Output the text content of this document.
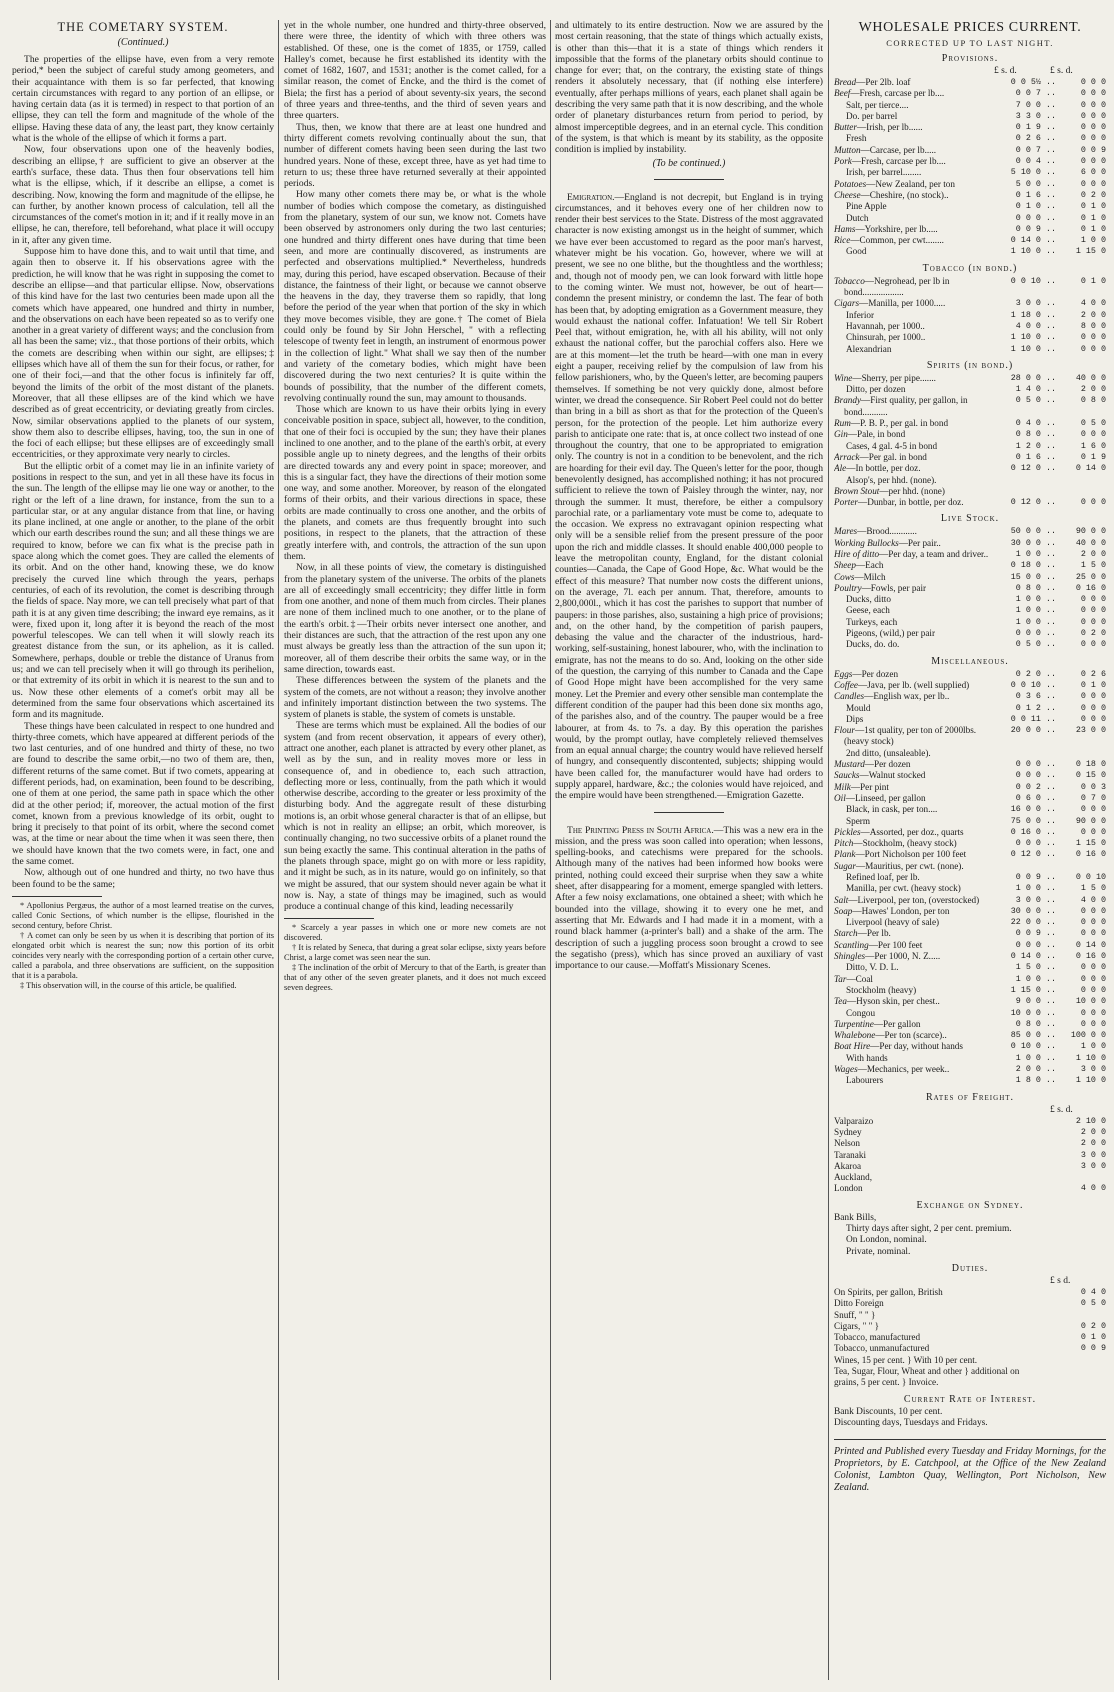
THE COMETARY SYSTEM.

(Continued.)

The properties of the ellipse have, even from a very remote period,* been the subject of careful study among geometers, and their acquaintance with them is so far perfected, that knowing certain circumstances with regard to any portion of an ellipse, or having certain data (as it is termed) in respect to that portion of an ellipse, they can tell the form and magnitude of the whole of the ellipse. Having these data of any, the least part, they know certainly what is the whole of the ellipse of which it forms a part.

Now, four observations upon one of the heavenly bodies, describing an ellipse,† are sufficient to give an observer at the earth's surface, these data. Thus then four observations tell him what is the ellipse, which, if it describe an ellipse, a comet is describing. Now, knowing the form and magnitude of the ellipse, he can further, by another known process of calculation, tell all the circumstances of the comet's motion in it; and if it really move in an ellipse, he can, therefore, tell beforehand, what place it will occupy in it, after any given time.

Suppose him to have done this, and to wait until that time, and again then to observe it. If his observations agree with the prediction, he will know that he was right in supposing the comet to describe an ellipse—and that particular ellipse. Now, observations of this kind have for the last two centuries been made upon all the comets which have appeared, one hundred and thirty in number, and the observations on each have been repeated so as to verify one another in a great variety of different ways; and the conclusion from all has been the same; viz., that those portions of their orbits, which the comets are describing when within our sight, are ellipses;‡ ellipses which have all of them the sun for their focus, or rather, for one of their foci,—and that the other focus is infinitely far off, beyond the limits of the orbit of the most distant of the planets. Moreover, that all these ellipses are of the kind which we have described as of great eccentricity, or deviating greatly from circles. Now, similar observations applied to the planets of our system, show them also to describe ellipses, having, too, the sun in one of the foci of each ellipse; but these ellipses are of exceedingly small eccentricities, or they approximate very nearly to circles.

But the elliptic orbit of a comet may lie in an infinite variety of positions in respect to the sun, and yet in all these have its focus in the sun. The length of the ellipse may lie one way or another, to the right or the left of a line drawn, for instance, from the sun to a particular star, or at any angular distance from that line, or having its plane inclined, at one angle or another, to the plane of the orbit which our earth describes round the sun; and all these things we are required to know, before we can fix what is the precise path in space along which the comet goes. They are called the elements of its orbit. And on the other hand, knowing these, we do know precisely the curved line which through the years, perhaps centuries, of each of its revolution, the comet is describing through the fields of space. Nay more, we can tell precisely what part of that path it is at any given time describing; the inward eye remains, as it were, fixed upon it, long after it is beyond the reach of the most powerful telescopes. We can tell when it will slowly reach its greatest distance from the sun, or its aphelion, as it is called. Somewhere, perhaps, double or treble the distance of Uranus from us; and we can tell precisely when it will go through its perihelion, or that extremity of its orbit in which it is nearest to the sun and to us. Now these other elements of a comet's orbit may all be determined from the same four observations which ascertained its form and its magnitude.

These things have been calculated in respect to one hundred and thirty-three comets, which have appeared at different periods of the two last centuries, and of one hundred and thirty of these, no two are found to describe the same orbit,—no two of them are, then, different returns of the same comet. But if two comets, appearing at different periods, had, on examination, been found to be describing, one of them at one period, the same path in space which the other did at the other period; if, moreover, the actual motion of the first comet, known from a previous knowledge of its orbit, ought to bring it precisely to that point of its orbit, where the second comet was, at the time or near about the time when it was seen there, then we should have known that the two comets were, in fact, one and the same comet.

Now, although out of one hundred and thirty, no two have thus been found to be the same;

* Apollonius Pergæus, the author of a most learned treatise on the curves, called Conic Sections, of which number is the ellipse, flourished in the second century, before Christ.

† A comet can only be seen by us when it is describing that portion of its elongated orbit which is nearest the sun; now this portion of its orbit coincides very nearly with the corresponding portion of a certain other curve, called a parabola, and three observations are sufficient, on the supposition that it is a parabola.

‡ This observation will, in the course of this article, be qualified.

yet in the whole number, one hundred and thirty-three observed, there were three, the identity of which with three others was established. Of these, one is the comet of 1835, or 1759, called Halley's comet, because he first established its identity with the comet of 1682, 1607, and 1531; another is the comet called, for a similar reason, the comet of Encke, and the third is the comet of Biela; the first has a period of about seventy-six years, the second of three years and three-tenths, and the third of seven years and three quarters.

Thus, then, we know that there are at least one hundred and thirty different comets revolving continually about the sun, that number of different comets having been seen during the last two hundred years. None of these, except three, have as yet had time to return to us; these three have returned severally at their appointed periods.

How many other comets there may be, or what is the whole number of bodies which compose the cometary, as distinguished from the planetary, system of our sun, we know not. Comets have been observed by astronomers only during the two last centuries; one hundred and thirty different ones have during that time been seen, and more are continually discovered, as instruments are perfected and observations multiplied.* Nevertheless, hundreds may, during this period, have escaped observation. Because of their distance, the faintness of their light, or because we cannot observe the heavens in the day, they traverse them so rapidly, that long before the period of the year when that portion of the sky in which they move becomes visible, they are gone.† The comet of Biela could only be found by Sir John Herschel, " with a reflecting telescope of twenty feet in length, an instrument of enormous power in the collection of light." What shall we say then of the number and variety of the cometary bodies, which might have been discovered during the two next centuries? It is quite within the bounds of possibility, that the number of the different comets, revolving continually round the sun, may amount to thousands.

Those which are known to us have their orbits lying in every conceivable position in space, subject all, however, to the condition, that one of their foci is occupied by the sun; they have their planes inclined to one another, and to the plane of the earth's orbit, at every possible angle up to ninety degrees, and the lengths of their orbits are directed towards any and every point in space; moreover, and this is a singular fact, they have the directions of their motion some one way, and some another. Moreover, by reason of the elongated forms of their orbits, and their various directions in space, these orbits are made continually to cross one another, and the orbits of the planets, and comets are thus frequently brought into such positions, in respect to the planets, that the attraction of these greatly interfere with, and controls, the attraction of the sun upon them.

Now, in all these points of view, the cometary is distinguished from the planetary system of the universe. The orbits of the planets are all of exceedingly small eccentricity; they differ little in form from one another, and none of them much from circles. Their planes are none of them inclined much to one another, or to the plane of the earth's orbit.‡—Their orbits never intersect one another, and their distances are such, that the attraction of the rest upon any one must always be greatly less than the attraction of the sun upon it; moreover, all of them describe their orbits the same way, or in the same direction, towards east.

These differences between the system of the planets and the system of the comets, are not without a reason; they involve another and infinitely important distinction between the two systems. The system of planets is stable, the system of comets is unstable.

These are terms which must be explained. All the bodies of our system (and from recent observation, it appears of every other), attract one another, each planet is attracted by every other planet, as well as by the sun, and in reality moves more or less in consequence of, and in obedience to, each such attraction, deflecting more or less, continually, from the path which it would otherwise describe, according to the greater or less proximity of the disturbing body. And the aggregate result of these disturbing motions is, an orbit whose general character is that of an ellipse, but which is not in reality an ellipse; an orbit, which moreover, is continually changing, no two successive orbits of a planet round the sun being exactly the same. This continual alteration in the paths of the planets through space, might go on with more or less rapidity, and it might be such, as in its nature, would go on infinitely, so that we might be assured, that our system should never again be what it now is. Nay, a state of things may be imagined, such as would produce a continual change of this kind, leading necessarily

* Scarcely a year passes in which one or more new comets are not discovered.

† It is related by Seneca, that during a great solar eclipse, sixty years before Christ, a large comet was seen near the sun.

‡ The inclination of the orbit of Mercury to that of the Earth, is greater than that of any other of the seven greater planets, and it does not much exceed seven degrees.

and ultimately to its entire destruction. Now we are assured by the most certain reasoning, that the state of things which actually exists, is other than this—that it is a state of things which renders it impossible that the forms of the planetary orbits should continue to change for ever; that, on the contrary, the existing state of things renders it absolutely necessary, that (if nothing else interfere) eventually, after perhaps millions of years, each planet shall again be describing the very same path that it is now describing, and the whole order of planetary disturbances return from period to period, by almost imperceptible degrees, and in an eternal cycle. This condition of the system, is that which is meant by its stability, as the opposite condition is implied by instability.

(To be continued.)

Emigration.—England is not decrepit, but England is in trying circumstances, and it behoves every one of her children now to render their best services to the State. Distress of the most aggravated character is now existing amongst us in the height of summer, which we have ever been accustomed to regard as the poor man's harvest, whatever might be his vocation. Go, however, where we will at present, we see no one blithe, but the thoughtless and the worthless; and, though not of moody pen, we can look forward with little hope to the coming winter. We must not, however, be out of heart—condemn the present ministry, or condemn the last. The fear of both has been that, by adopting emigration as a Government measure, they would exhaust the national coffer. Infatuation! We tell Sir Robert Peel that, without emigration, he, with all his ability, will not only exhaust the national coffer, but the parochial coffers also. Here we are at this moment—let the truth be heard—with one man in every eight a pauper, receiving relief by the compulsion of law from his fellow parishioners, who, by the Queen's letter, are becoming paupers themselves. If something be not very quickly done, almost before winter, we dread the consequence. Sir Robert Peel could not do better than bring in a bill as short as that for the protection of the Queen's person, for the protection of the people. Let him authorize every parish to anticipate one rate: that is, at once collect two instead of one throughout the country, that one to be appropriated to emigration only. The country is not in a condition to be benevolent, and the rich are hoarding for their evil day. The Queen's letter for the poor, though benevolently designed, has accomplished nothing; it has not procured sufficient to relieve the town of Paisley through the winter, nay, nor through the summer. It must, therefore, be either a compulsory parochial rate, or a parliamentary vote must be come to, adequate to the occasion. We express no extravagant opinion respecting what only will be a sensible relief from the present pressure of the poor upon the rich and middle classes. It should enable 400,000 people to leave the metropolitan county, England, for the distant colonial counties—Canada, the Cape of Good Hope, &c. What would be the effect of this measure? That number now costs the different unions, on the average, 7l. each per annum. That, therefore, amounts to 2,800,000l., which it has cost the parishes to support that number of paupers: in those parishes, also, sustaining a high price of provisions; and, on the other hand, by the competition of parish paupers, debasing the value and the character of the industrious, hard-working, self-sustaining, honest labourer, who, with the inclination to emigrate, has not the means to do so. And, looking on the other side of the question, the carrying of this number to Canada and the Cape of Good Hope might have been accomplished for the very same money. Let the Premier and every other sensible man contemplate the different condition of the pauper had this been done six months ago, of the parishes also, and of the country. The pauper would be a free labourer, at from 4s. to 7s. a day. By this operation the parishes would, by the prompt outlay, have completely relieved themselves from an equal annual charge; the country would have relieved herself of hungry, and consequently discontented, subjects; shipping would have been called for, the manufacturer would have had orders to supply apparel, hardware, &c.; the colonies would have rejoiced, and the empire would have been strengthened.—Emigration Gazette.

The Printing Press in South Africa.—This was a new era in the mission, and the press was soon called into operation; when lessons, spelling-books, and catechisms were prepared for the schools. Although many of the natives had been informed how books were printed, nothing could exceed their surprise when they saw a white sheet, after disappearing for a moment, emerge spangled with letters. After a few noisy exclamations, one obtained a sheet; with which he bounded into the village, showing it to every one he met, and asserting that Mr. Edwards and I had made it in a moment, with a round black hammer (a-printer's ball) and a shake of the arm. The description of such a juggling process soon brought a crowd to see the segatisho (press), which has since proved an auxiliary of vast importance to our cause.—Moffatt's Missionary Scenes.

WHOLESALE PRICES CURRENT.

CORRECTED UP TO LAST NIGHT.

Provisions.

£ s. d.	£ s. d.
Bread—Per 2lb. loaf	0 0 5½ ..	0 0 0
Beef—Fresh, carcase per lb....	0 0 7 ..	0 0 0
Salt, per tierce....	7 0 0 ..	0 0 0
Do. per barrel	3 3 0 ..	0 0 0
Butter—Irish, per lb......	0 1 9 ..	0 0 0
Fresh	0 2 6 ..	0 0 0
Mutton—Carcase, per lb.....	0 0 7 ..	0 0 9
Pork—Fresh, carcase per lb....	0 0 4 ..	0 0 0
Irish, per barrel........	5 10 0 ..	6 0 0
Potatoes—New Zealand, per ton	5 0 0 ..	0 0 0
Cheese—Cheshire, (no stock)..	0 1 6 ..	0 2 0
Pine Apple	0 1 0 ..	0 1 0
Dutch	0 0 0 ..	0 1 0
Hams—Yorkshire, per lb.....	0 0 9 ..	0 1 0
Rice—Common, per cwt........	0 14 0 ..	1 0 0
Good	1 10 0 ..	1 15 0

Tobacco (in bond.)

Tobacco—Negrohead, per lb in bond..................	0 0 10 ..	0 1 0
Cigars—Manilla, per 1000.....	3 0 0 ..	4 0 0
Inferior	1 18 0 ..	2 0 0
Havannah, per 1000..	4 0 0 ..	8 0 0
Chinsurah, per 1000..	1 10 0 ..	0 0 0
Alexandrian	1 10 0 ..	0 0 0

Spirits (in bond.)

Wine—Sherry, per pipe.......	28 0 0 ..	40 0 0
Ditto, per dozen	1 4 0 ..	2 0 0
Brandy—First quality, per gallon, in bond...........	0 5 0 ..	0 8 0
Rum—P. B. P., per gal. in bond	0 4 0 ..	0 5 0
Gin—Pale, in bond	0 8 0 ..	0 0 0
Cases, 4 gal. 4-5 in bond	1 2 0 ..	1 6 0
Arrack—Per gal. in bond	0 1 6 ..	0 1 9
Ale—In bottle, per doz.	0 12 0 ..	0 14 0
Alsop's, per hhd. (none).		
Brown Stout—per hhd. (none)		
Porter—Dunbar, in bottle, per doz.	0 12 0 ..	0 0 0

Live Stock.

Mares—Brood............	50 0 0 ..	90 0 0
Working Bullocks—Per pair..	30 0 0 ..	40 0 0
Hire of ditto—Per day, a team and driver..	1 0 0 ..	2 0 0
Sheep—Each	0 18 0 ..	1 5 0
Cows—Milch	15 0 0 ..	25 0 0
Poultry—Fowls, per pair	0 8 0 ..	0 16 0
Ducks, ditto	1 0 0 ..	0 0 0
Geese, each	1 0 0 ..	0 0 0
Turkeys, each	1 0 0 ..	0 0 0
Pigeons, (wild,) per pair	0 0 0 ..	0 2 0
Ducks, do. do.	0 5 0 ..	0 0 0

Miscellaneous.

Eggs—Per dozen	0 2 0 ..	0 2 6
Coffee—Java, per lb. (well supplied)	0 0 10 ..	0 1 0
Candles—English wax, per lb..	0 3 6 ..	0 0 0
Mould	0 1 2 ..	0 0 0
Dips	0 0 11 ..	0 0 0
Flour—1st quality, per ton of 2000lbs. (heavy stock)	20 0 0 ..	23 0 0
2nd ditto, (unsaleable).		
Mustard—Per dozen	0 0 0 ..	0 18 0
Saucks—Walnut stocked	0 0 0 ..	0 15 0
Milk—Per pint	0 0 2 ..	0 0 3
Oil—Linseed, per gallon	0 6 0 ..	0 7 0
Black, in cask, per ton....	16 0 0 ..	0 0 0
Sperm	75 0 0 ..	90 0 0
Pickles—Assorted, per doz., quarts	0 16 0 ..	0 0 0
Pitch—Stockholm, (heavy stock)	0 0 0 ..	1 15 0
Plank—Port Nicholson per 100 feet	0 12 0 ..	0 16 0
Sugar—Mauritius, per cwt. (none).		
Refined loaf, per lb.	0 0 9 ..	0 0 10
Manilla, per cwt. (heavy stock)	1 0 0 ..	1 5 0
Salt—Liverpool, per ton, (overstocked)	3 0 0 ..	4 0 0
Soap—Hawes' London, per ton	30 0 0 ..	0 0 0
Liverpool (heavy of sale)	22 0 0 ..	0 0 0
Starch—Per lb.	0 0 9 ..	0 0 0
Scantling—Per 100 feet	0 0 0 ..	0 14 0
Shingles—Per 1000, N. Z.....	0 14 0 ..	0 16 0
Ditto, V. D. L.	1 5 0 ..	0 0 0
Tar—Coal	1 0 0 ..	0 0 0
Stockholm (heavy)	1 15 0 ..	0 0 0
Tea—Hyson skin, per chest..	9 0 0 ..	10 0 0
Congou	10 0 0 ..	0 0 0
Turpentine—Per gallon	0 8 0 ..	0 0 0
Whalebone—Per ton (scarce)..	85 0 0 ..	100 0 0
Boat Hire—Per day, without hands	0 10 0 ..	1 0 0
With hands	1 0 0 ..	1 10 0
Wages—Mechanics, per week..	2 0 0 ..	3 0 0
Labourers	1 8 0 ..	1 10 0

Rates of Freight.

£ s. d.
Valparaizo	2 10 0
Sydney	2 0 0
Nelson	2 0 0
Taranaki	3 0 0
Akaroa	3 0 0
Auckland,	
London	4 0 0

Exchange on Sydney.

Bank Bills,

Thirty days after sight, 2 per cent. premium.

On London, nominal.

Private, nominal.

Duties.

£ s d.
On Spirits, per gallon, British	0 4 0
Ditto Foreign	0 5 0
Snuff, " " }	
Cigars, " " }	0 2 0
Tobacco, manufactured	0 1 0
Tobacco, unmanufactured	0 0 9
Wines, 15 per cent. } With 10 per cent.	
Tea, Sugar, Flour, Wheat and other } additional on	
grains, 5 per cent. } Invoice.	

Current Rate of Interest.

Bank Discounts, 10 per cent.

Discounting days, Tuesdays and Fridays.

Printed and Published every Tuesday and Friday Mornings, for the Proprietors, by E. Catchpool, at the Office of the New Zealand Colonist, Lambton Quay, Wellington, Port Nicholson, New Zealand.
